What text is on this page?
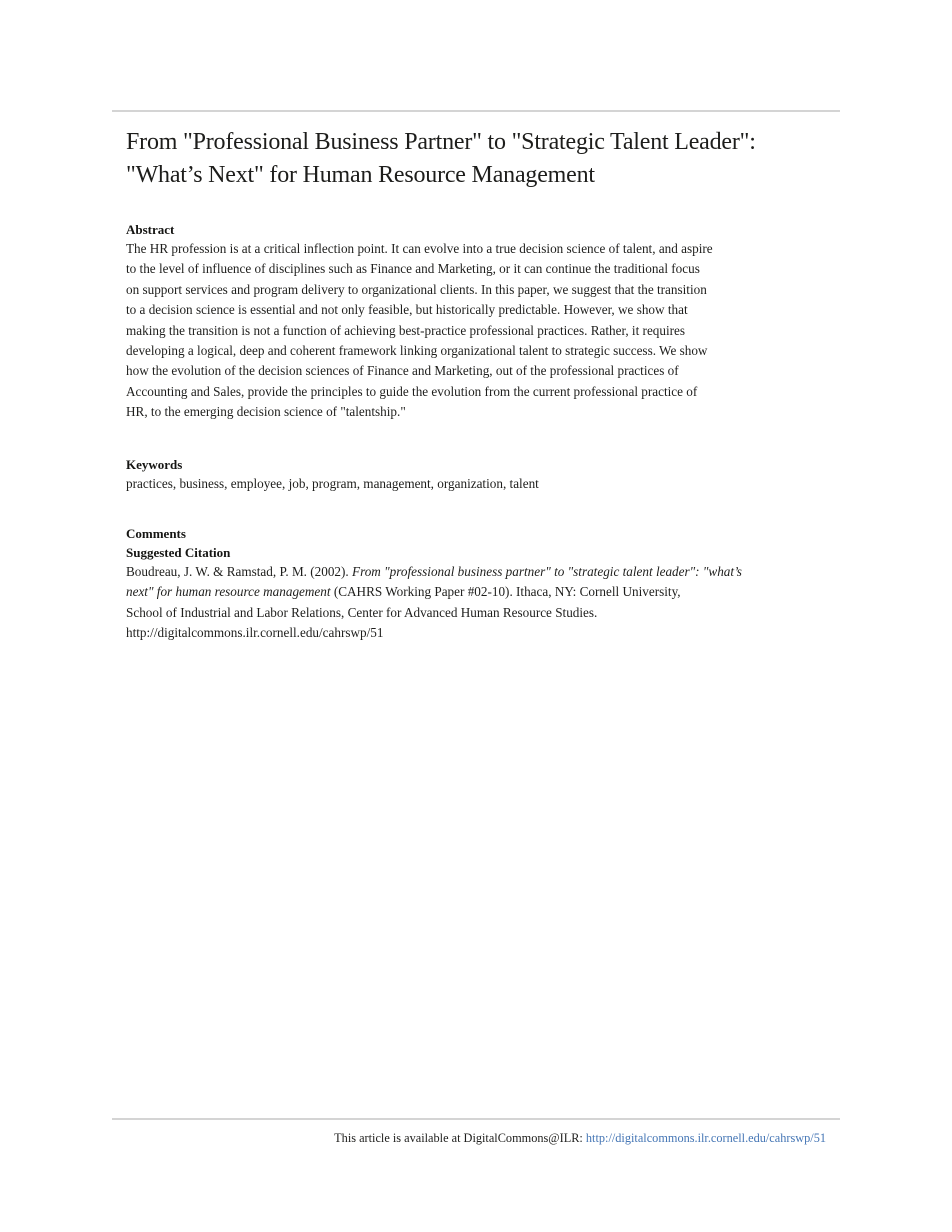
From "Professional Business Partner" to "Strategic Talent Leader": "What’s Next" for Human Resource Management
Abstract
The HR profession is at a critical inflection point. It can evolve into a true decision science of talent, and aspire
to the level of influence of disciplines such as Finance and Marketing, or it can continue the traditional focus
on support services and program delivery to organizational clients. In this paper, we suggest that the transition
to a decision science is essential and not only feasible, but historically predictable. However, we show that
making the transition is not a function of achieving best-practice professional practices. Rather, it requires
developing a logical, deep and coherent framework linking organizational talent to strategic success. We show
how the evolution of the decision sciences of Finance and Marketing, out of the professional practices of
Accounting and Sales, provide the principles to guide the evolution from the current professional practice of
HR, to the emerging decision science of "talentship."
Keywords
practices, business, employee, job, program, management, organization, talent
Comments
Suggested Citation
Boudreau, J. W. & Ramstad, P. M. (2002). From "professional business partner" to "strategic talent leader": "what’s
next" for human resource management (CAHRS Working Paper #02-10). Ithaca, NY: Cornell University,
School of Industrial and Labor Relations, Center for Advanced Human Resource Studies.
http://digitalcommons.ilr.cornell.edu/cahrswp/51
This article is available at DigitalCommons@ILR: http://digitalcommons.ilr.cornell.edu/cahrswp/51
